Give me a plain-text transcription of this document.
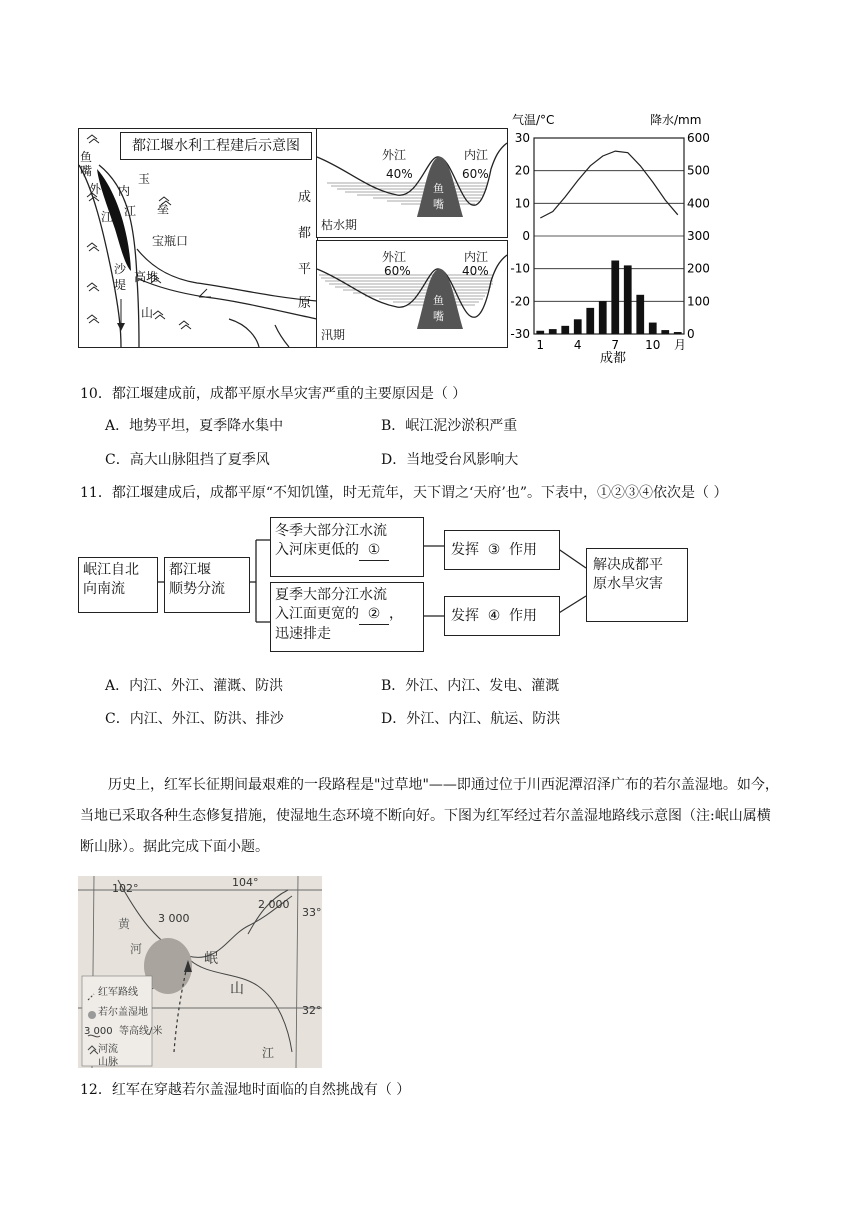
都江堰水利工程建后示意图
鱼嘴
外
江
内
江
玉
垒
宝瓶口
沙
堤
高堆
山
成
都
平
原
外江
40%
内江
60%
鱼
嘴
枯水期
外江
60%
内江
40%
鱼
嘴
汛期
气温/°C	降水/mm
30
20
10
0
-10
-20
-30
600
500
400
300
200
100
0
1 4 7 10 月
成都
10．都江堰建成前，成都平原水旱灾害严重的主要原因是（ ）
A．地势平坦，夏季降水集中	B．岷江泥沙淤积严重
C．高大山脉阻挡了夏季风	D．当地受台风影响大
11．都江堰建成后，成都平原“不知饥馑，时无荒年，天下谓之‘天府’也”。下表中，①②③④依次是（ ）
岷江自北
向南流
都江堰
顺势分流
冬季大部分江水流
入河床更低的 ①
夏季大部分江水流
入江面更宽的 ② ，
迅速排走
发挥 ③ 作用
发挥 ④ 作用
解决成都平
原水旱灾害
A．内江、外江、灌溉、防洪	B．外江、内江、发电、灌溉
C．内江、外江、防洪、排沙	D．外江、内江、航运、防洪
历史上，红军长征期间最艰难的一段路程是"过草地"——即通过位于川西泥潭沼泽广布的若尔盖湿地。如今，当地已采取各种生态修复措施，使湿地生态环境不断向好。下图为红军经过若尔盖湿地路线示意图（注:岷山属横断山脉）。据此完成下面小题。
102°	104°
33°
32°
3 000
2 000
黄
河
岷
山
江
红军路线
若尔盖湿地
3 000  等高线/米
河流
山脉
12．红军在穿越若尔盖湿地时面临的自然挑战有（ ）
